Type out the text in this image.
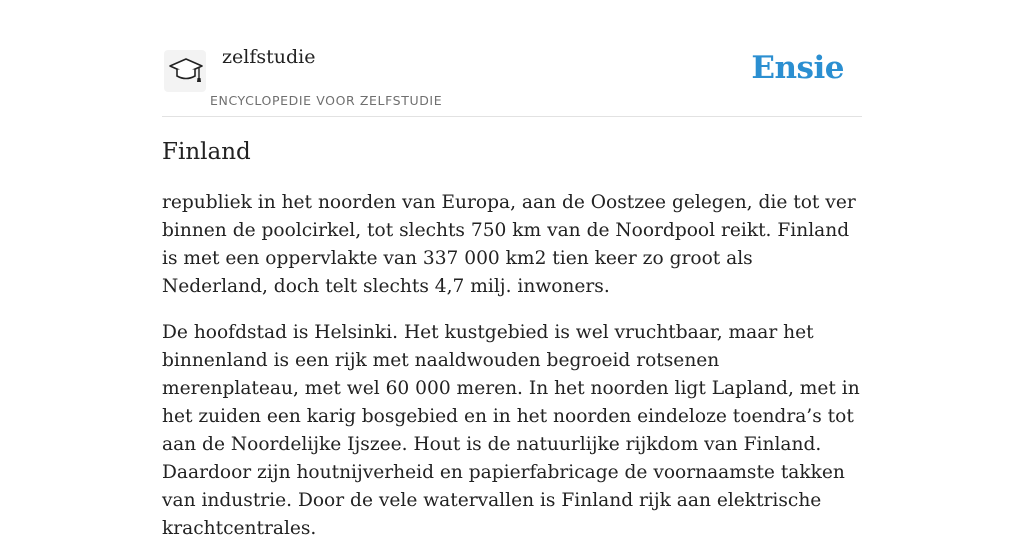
zelfstudie
ENCYCLOPEDIE VOOR ZELFSTUDIE
Ensie
Finland

republiek in het noorden van Europa, aan de Oostzee gelegen, die tot ver binnen de poolcirkel, tot slechts 750 km van de Noordpool reikt. Finland is met een oppervlakte van 337 000 km2 tien keer zo groot als Nederland, doch telt slechts 4,7 milj. inwoners.

De hoofdstad is Helsinki. Het kustgebied is wel vruchtbaar, maar het binnenland is een rijk met naaldwouden begroeid rotsenen merenplateau, met wel 60 000 meren. In het noorden ligt Lapland, met in het zuiden een karig bosgebied en in het noorden eindeloze toendra’s tot aan de Noordelijke Ijszee. Hout is de natuurlijke rijkdom van Finland. Daardoor zijn houtnijverheid en papierfabricage de voornaamste takken van industrie. Door de vele watervallen is Finland rijk aan elektrische krachtcentrales.
